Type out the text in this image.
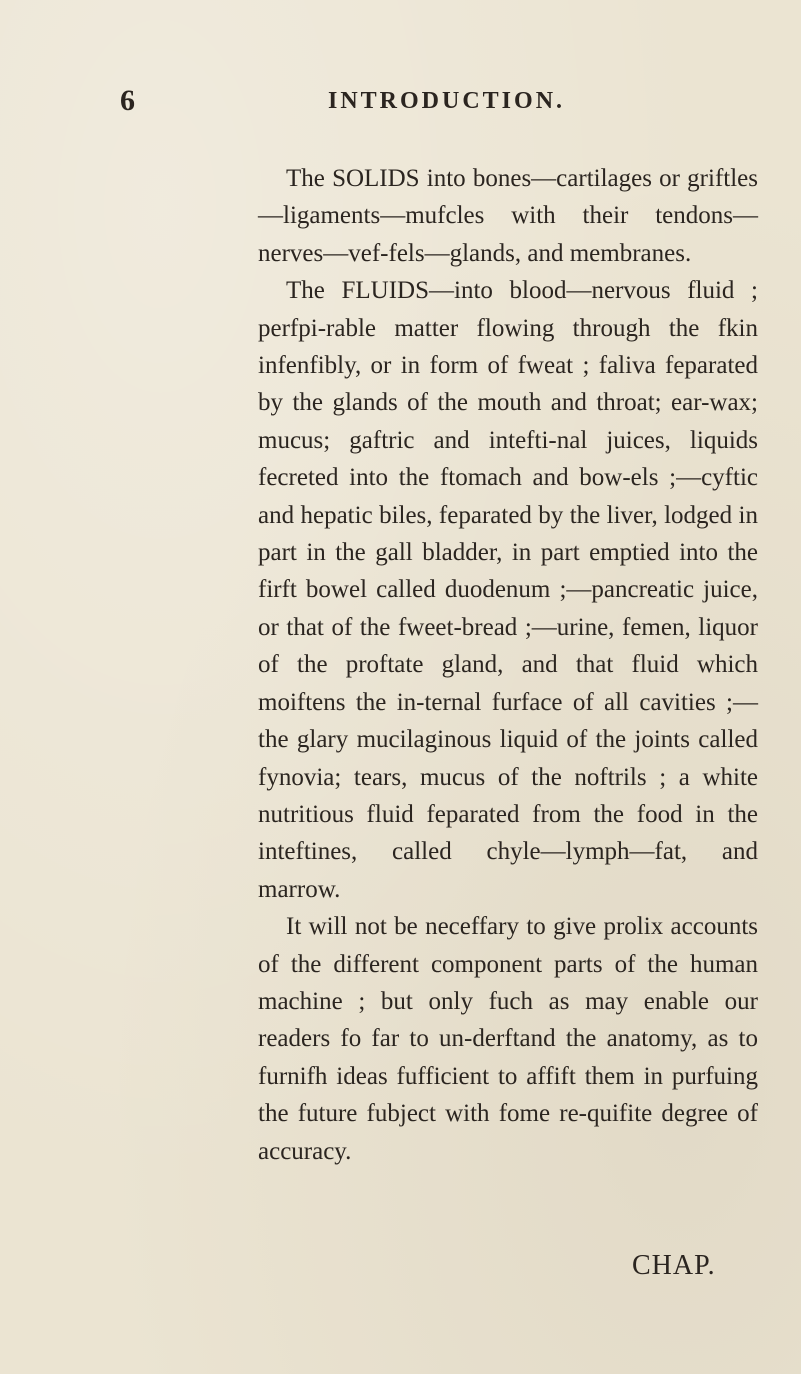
6	INTRODUCTION.

The SOLIDS into bones—cartilages or griftles—ligaments—mufcles with their tendons—nerves—vef-fels—glands, and membranes.

The FLUIDS—into blood—nervous fluid ; perfpi-rable matter flowing through the fkin infenfibly, or in form of fweat ; faliva feparated by the glands of the mouth and throat; ear-wax; mucus; gaftric and intefti-nal juices, liquids fecreted into the ftomach and bow-els ;—cyftic and hepatic biles, feparated by the liver, lodged in part in the gall bladder, in part emptied into the firft bowel called duodenum ;—pancreatic juice, or that of the fweet-bread ;—urine, femen, liquor of the proftate gland, and that fluid which moiftens the in-ternal furface of all cavities ;—the glary mucilaginous liquid of the joints called fynovia; tears, mucus of the noftrils ; a white nutritious fluid feparated from the food in the inteftines, called chyle—lymph—fat, and marrow.

It will not be neceffary to give prolix accounts of the different component parts of the human machine ; but only fuch as may enable our readers fo far to un-derftand the anatomy, as to furnifh ideas fufficient to affift them in purfuing the future fubject with fome re-quifite degree of accuracy.

CHAP.
